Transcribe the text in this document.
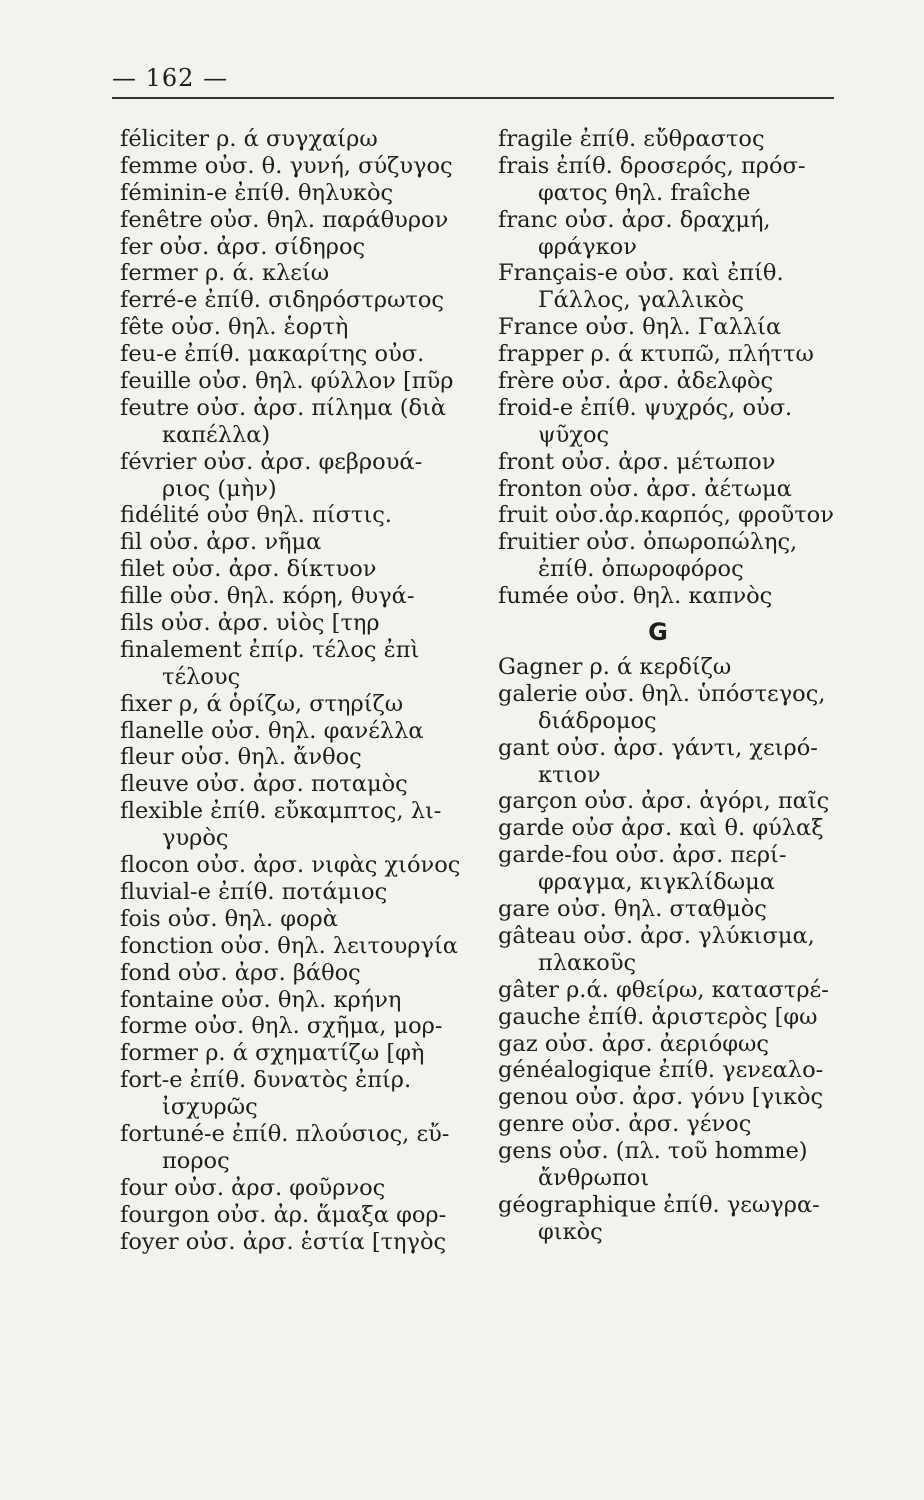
— 162 —
féliciter ρ. ά συγχαίρω
femme οὐσ. θ. γυνή, σύζυγος
féminin-e ἐπίθ. θηλυκὸς
fenêtre οὐσ. θηλ. παράθυρον
fer οὐσ. ἀρσ. σίδηρος
fermer ρ. ά. κλείω
ferré-e ἐπίθ. σιδηρόστρωτος
fête οὐσ. θηλ. ἑορτὴ
feu-e ἐπίθ. μακαρίτης οὐσ.
feuille οὐσ. θηλ. φύλλον [πῦρ
feutre οὐσ. ἀρσ. πίλημα (διὰ
καπέλλα)
février οὐσ. ἀρσ. φεβρουά-
ριος (μὴν)
fidélité οὐσ θηλ. πίστις.
fil οὐσ. ἀρσ. νῆμα
filet οὐσ. ἀρσ. δίκτυον
fille οὐσ. θηλ. κόρη, θυγά-
fils οὐσ. ἀρσ. υἱὸς [τηρ
finalement ἐπίρ. τέλος ἐπὶ
τέλους
fixer ρ, ά ὁρίζω, στηρίζω
flanelle οὐσ. θηλ. φανέλλα
fleur οὐσ. θηλ. ἄνθος
fleuve οὐσ. ἀρσ. ποταμὸς
flexible ἐπίθ. εὔκαμπτος, λι-
γυρὸς
flocon οὐσ. ἀρσ. νιφὰς χιόνος
fluvial-e ἐπίθ. ποτάμιος
fois οὐσ. θηλ. φορὰ
fonction οὐσ. θηλ. λειτουργία
fond οὐσ. ἀρσ. βάθος
fontaine οὐσ. θηλ. κρήνη
forme οὐσ. θηλ. σχῆμα, μορ-
former ρ. ά σχηματίζω [φὴ
fort-e ἐπίθ. δυνατὸς ἐπίρ.
ἰσχυρῶς
fortuné-e ἐπίθ. πλούσιος, εὔ-
πορος
four οὐσ. ἀρσ. φοῦρνος
fourgon οὐσ. ἀρ. ἅμαξα φορ-
foyer οὐσ. ἀρσ. ἑστία [τηγὸς
fragile ἐπίθ. εὔθραστος
frais ἐπίθ. δροσερός, πρόσ-
φατος θηλ. fraîche
franc οὐσ. ἀρσ. δραχμή,
φράγκον
Français-e οὐσ. καὶ ἐπίθ.
Γάλλος, γαλλικὸς
France οὐσ. θηλ. Γαλλία
frapper ρ. ά κτυπῶ, πλήττω
frère οὐσ. ἀρσ. ἀδελφὸς
froid-e ἐπίθ. ψυχρός, οὐσ.
ψῦχος
front οὐσ. ἀρσ. μέτωπον
fronton οὐσ. ἀρσ. ἀέτωμα
fruit οὐσ.ἀρ.καρπός, φροῦτον
fruitier οὐσ. ὀπωροπώλης,
ἐπίθ. ὀπωροφόρος
fumée οὐσ. θηλ. καπνὸς
G
Gagner ρ. ά κερδίζω
galerie οὐσ. θηλ. ὑπόστεγος,
διάδρομος
gant οὐσ. ἀρσ. γάντι, χειρό-
κτιον
garçon οὐσ. ἀρσ. ἀγόρι, παῖς
garde οὐσ ἀρσ. καὶ θ. φύλαξ
garde-fou οὐσ. ἀρσ. περί-
φραγμα, κιγκλίδωμα
gare οὐσ. θηλ. σταθμὸς
gâteau οὐσ. ἀρσ. γλύκισμα,
πλακοῦς
gâter ρ.ά. φθείρω, καταστρέ-
gauche ἐπίθ. ἀριστερὸς [φω
gaz οὐσ. ἀρσ. ἀεριόφως
généalogique ἐπίθ. γενεαλο-
genou οὐσ. ἀρσ. γόνυ [γικὸς
genre οὐσ. ἀρσ. γένος
gens οὐσ. (πλ. τοῦ homme)
ἄνθρωποι
géographique ἐπίθ. γεωγρα-
φικὸς
